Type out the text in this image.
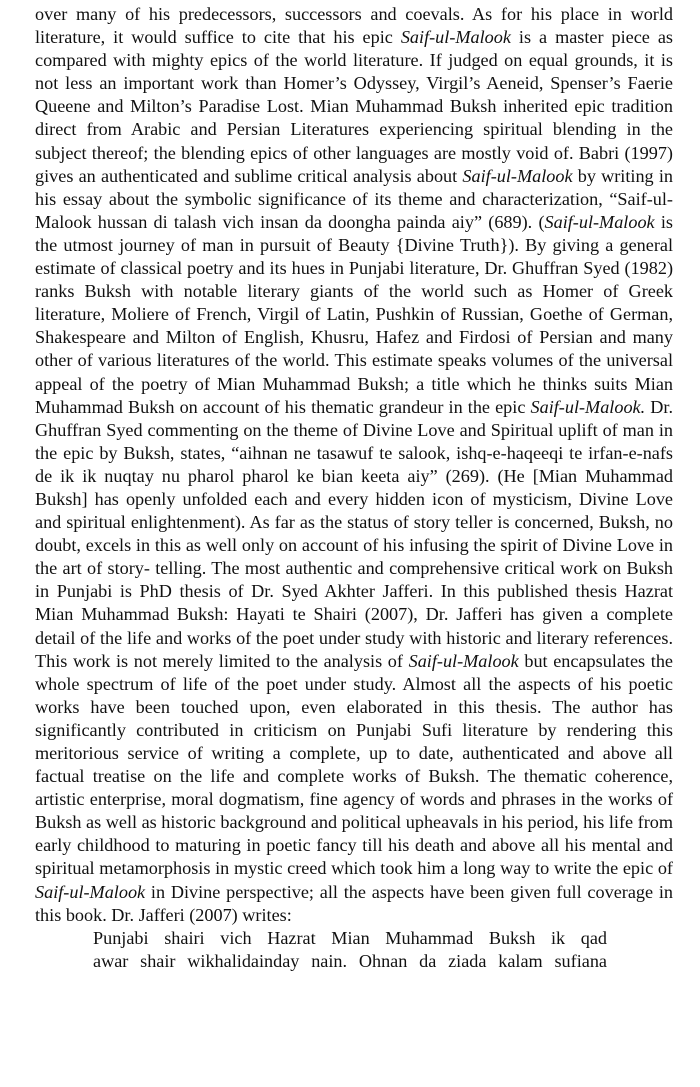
over many of his predecessors, successors and coevals. As for his place in world literature, it would suffice to cite that his epic Saif-ul-Malook is a master piece as compared with mighty epics of the world literature. If judged on equal grounds, it is not less an important work than Homer’s Odyssey, Virgil’s Aeneid, Spenser’s Faerie Queene and Milton’s Paradise Lost. Mian Muhammad Buksh inherited epic tradition direct from Arabic and Persian Literatures experiencing spiritual blending in the subject thereof; the blending epics of other languages are mostly void of. Babri (1997) gives an authenticated and sublime critical analysis about Saif-ul-Malook by writing in his essay about the symbolic significance of its theme and characterization, “Saif-ul-Malook hussan di talash vich insan da doongha painda aiy” (689). (Saif-ul-Malook is the utmost journey of man in pursuit of Beauty {Divine Truth}). By giving a general estimate of classical poetry and its hues in Punjabi literature, Dr. Ghuffran Syed (1982) ranks Buksh with notable literary giants of the world such as Homer of Greek literature, Moliere of French, Virgil of Latin, Pushkin of Russian, Goethe of German, Shakespeare and Milton of English, Khusru, Hafez and Firdosi of Persian and many other of various literatures of the world. This estimate speaks volumes of the universal appeal of the poetry of Mian Muhammad Buksh; a title which he thinks suits Mian Muhammad Buksh on account of his thematic grandeur in the epic Saif-ul-Malook. Dr. Ghuffran Syed commenting on the theme of Divine Love and Spiritual uplift of man in the epic by Buksh, states, “aihnan ne tasawuf te salook, ishq-e-haqeeqi te irfan-e-nafs de ik ik nuqtay nu pharol pharol ke bian keeta aiy” (269). (He [Mian Muhammad Buksh] has openly unfolded each and every hidden icon of mysticism, Divine Love and spiritual enlightenment). As far as the status of story teller is concerned, Buksh, no doubt, excels in this as well only on account of his infusing the spirit of Divine Love in the art of story- telling. The most authentic and comprehensive critical work on Buksh in Punjabi is PhD thesis of Dr. Syed Akhter Jafferi. In this published thesis Hazrat Mian Muhammad Buksh: Hayati te Shairi (2007), Dr. Jafferi has given a complete detail of the life and works of the poet under study with historic and literary references. This work is not merely limited to the analysis of Saif-ul-Malook but encapsulates the whole spectrum of life of the poet under study. Almost all the aspects of his poetic works have been touched upon, even elaborated in this thesis. The author has significantly contributed in criticism on Punjabi Sufi literature by rendering this meritorious service of writing a complete, up to date, authenticated and above all factual treatise on the life and complete works of Buksh. The thematic coherence, artistic enterprise, moral dogmatism, fine agency of words and phrases in the works of Buksh as well as historic background and political upheavals in his period, his life from early childhood to maturing in poetic fancy till his death and above all his mental and spiritual metamorphosis in mystic creed which took him a long way to write the epic of Saif-ul-Malook in Divine perspective; all the aspects have been given full coverage in this book. Dr. Jafferi (2007) writes:

Punjabi shairi vich Hazrat Mian Muhammad Buksh ik qad
awar shair wikhalidainday nain. Ohnan da ziada kalam sufiana
